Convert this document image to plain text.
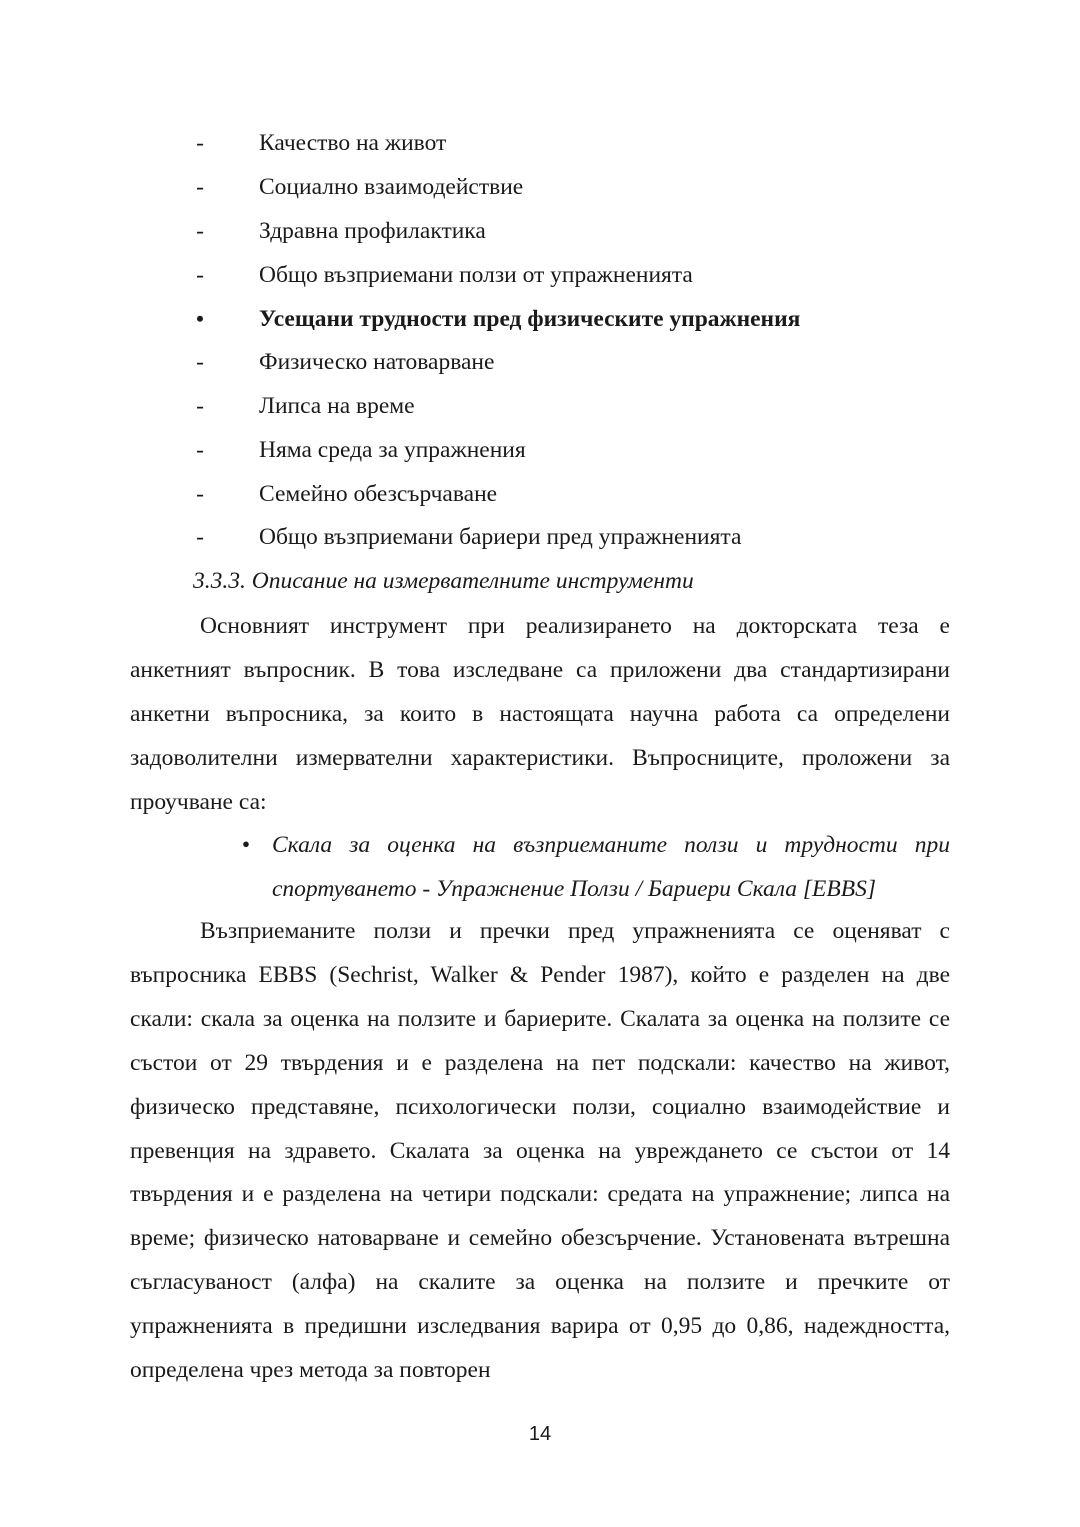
- Качество на живот
- Социално взаимодействие
- Здравна профилактика
- Общо възприемани ползи от упражненията
• Усещани трудности пред физическите упражнения
- Физическо натоварване
- Липса на време
- Няма среда за упражнения
- Семейно обезсърчаване
- Общо възприемани бариери пред упражненията
3.3.3. Описание на измервателните инструменти

Основният инструмент при реализирането на докторската теза е анкетният въпросник. В това изследване са приложени два стандартизирани анкетни въпросника, за които в настоящата научна работа са определени задоволителни измервателни характеристики. Въпросниците, проложени за проучване са:

• Скала за оценка на възприеманите ползи и трудности при спортуването - Упражнение Ползи / Бариери Скала [EBBS]

Възприеманите ползи и пречки пред упражненията се оценяват с въпросника EBBS (Sechrist, Walker & Pender 1987), който е разделен на две скали: скала за оценка на ползите и бариерите. Скалата за оценка на ползите се състои от 29 твърдения и е разделена на пет подскали: качество на живот, физическо представяне, психологически ползи, социално взаимодействие и превенция на здравето. Скалата за оценка на увреждането се състои от 14 твърдения и е разделена на четири подскали: средата на упражнение; липса на време; физическо натоварване и семейно обезсърчение. Установената вътрешна съгласуваност (алфа) на скалите за оценка на ползите и пречките от упражненията в предишни изследвания варира от 0,95 до 0,86, надеждността, определена чрез метода за повторен

14
